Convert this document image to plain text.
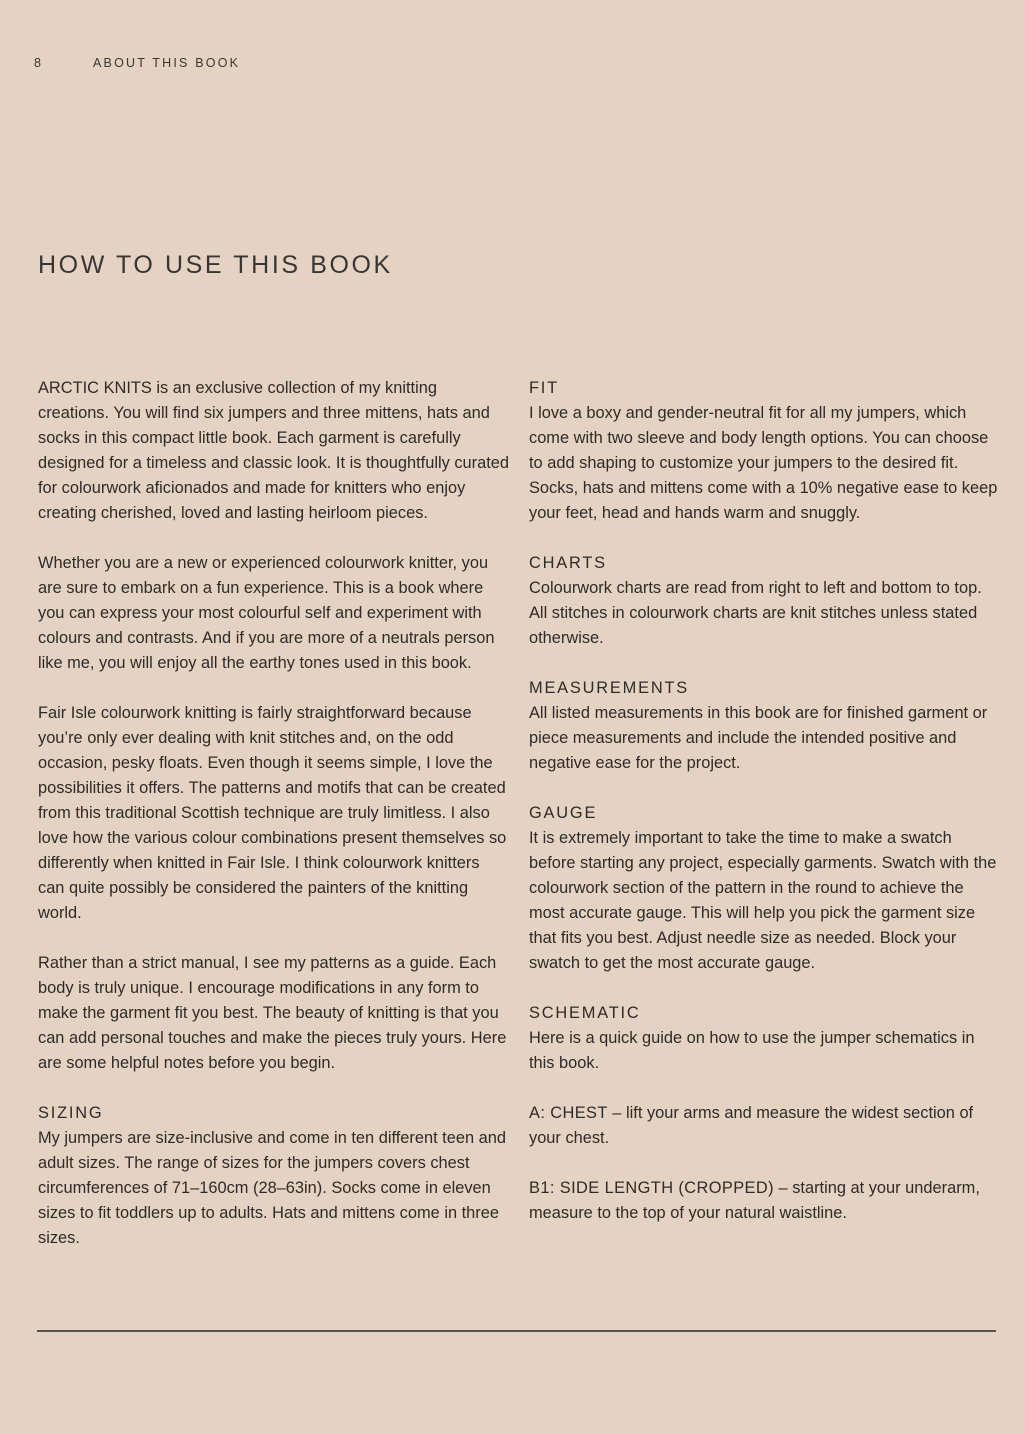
8	ABOUT THIS BOOK
HOW TO USE THIS BOOK

ARCTIC KNITS is an exclusive collection of my knitting creations. You will find six jumpers and three mittens, hats and socks in this compact little book. Each garment is carefully designed for a timeless and classic look. It is thoughtfully curated for colourwork aficionados and made for knitters who enjoy creating cherished, loved and lasting heirloom pieces.

Whether you are a new or experienced colourwork knitter, you are sure to embark on a fun experience. This is a book where you can express your most colourful self and experiment with colours and contrasts. And if you are more of a neutrals person like me, you will enjoy all the earthy tones used in this book.

Fair Isle colourwork knitting is fairly straightforward because you’re only ever dealing with knit stitches and, on the odd occasion, pesky floats. Even though it seems simple, I love the possibilities it offers. The patterns and motifs that can be created from this traditional Scottish technique are truly limitless. I also love how the various colour combinations present themselves so differently when knitted in Fair Isle. I think colourwork knitters can quite possibly be considered the painters of the knitting world.

Rather than a strict manual, I see my patterns as a guide. Each body is truly unique. I encourage modifications in any form to make the garment fit you best. The beauty of knitting is that you can add personal touches and make the pieces truly yours. Here are some helpful notes before you begin.

SIZING
My jumpers are size-inclusive and come in ten different teen and adult sizes. The range of sizes for the jumpers covers chest circumferences of 71–160cm (28–63in). Socks come in eleven sizes to fit toddlers up to adults. Hats and mittens come in three sizes.

FIT
I love a boxy and gender-neutral fit for all my jumpers, which come with two sleeve and body length options. You can choose to add shaping to customize your jumpers to the desired fit. Socks, hats and mittens come with a 10% negative ease to keep your feet, head and hands warm and snuggly.

CHARTS
Colourwork charts are read from right to left and bottom to top. All stitches in colourwork charts are knit stitches unless stated otherwise.

MEASUREMENTS
All listed measurements in this book are for finished garment or piece measurements and include the intended positive and negative ease for the project.

GAUGE
It is extremely important to take the time to make a swatch before starting any project, especially garments. Swatch with the colourwork section of the pattern in the round to achieve the most accurate gauge. This will help you pick the garment size that fits you best. Adjust needle size as needed. Block your swatch to get the most accurate gauge.

SCHEMATIC
Here is a quick guide on how to use the jumper schematics in this book.

A: CHEST – lift your arms and measure the widest section of your chest.

B1: SIDE LENGTH (CROPPED) – starting at your underarm, measure to the top of your natural waistline.
